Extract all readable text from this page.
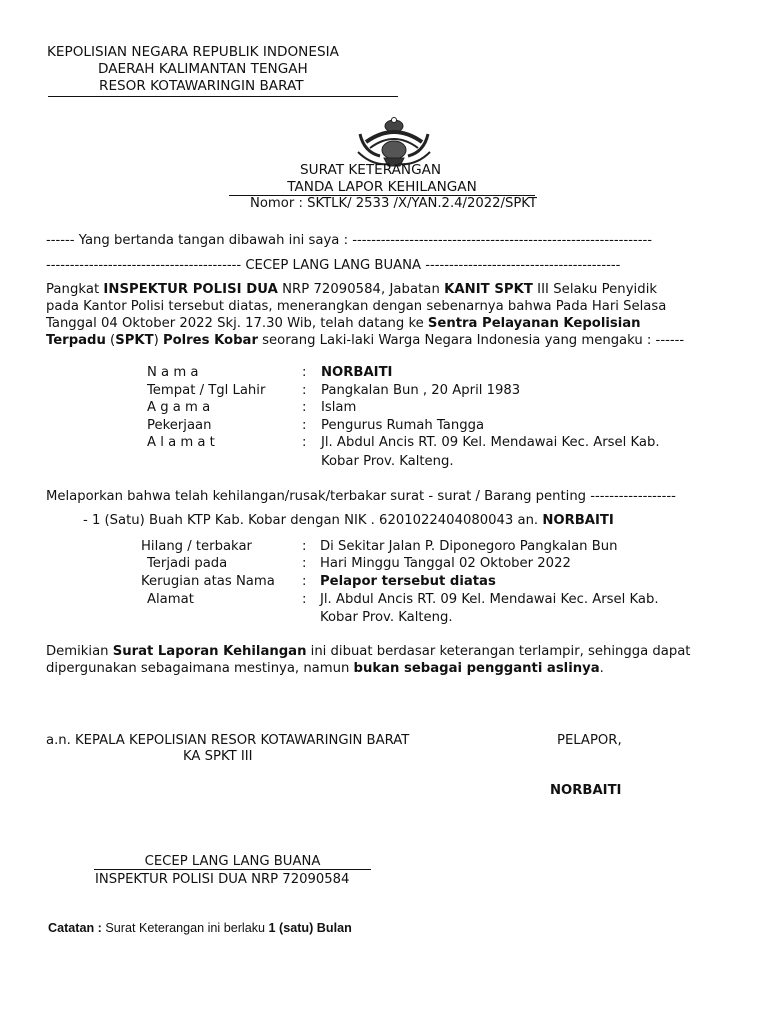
KEPOLISIAN NEGARA REPUBLIK INDONESIA
DAERAH KALIMANTAN TENGAH
RESOR KOTAWARINGIN BARAT
SURAT KETERANGAN
TANDA LAPOR KEHILANGAN
Nomor : SKTLK/ 2533 /X/YAN.2.4/2022/SPKT
------ Yang bertanda tangan dibawah ini saya : ---------------------------------------------------------------
----------------------------------------- CECEP LANG LANG BUANA -----------------------------------------
Pangkat INSPEKTUR POLISI DUA NRP 72090584, Jabatan KANIT SPKT III Selaku Penyidik
pada Kantor Polisi tersebut diatas, menerangkan dengan sebenarnya bahwa Pada Hari Selasa
Tanggal 04 Oktober 2022 Skj. 17.30 Wib, telah datang ke Sentra Pelayanan Kepolisian
Terpadu (SPKT) Polres Kobar seorang Laki-laki Warga Negara Indonesia yang mengaku : ------
N a m a	: NORBAITI
Tempat / Tgl Lahir	: Pangkalan Bun , 20 April 1983
A g a m a	: Islam
Pekerjaan	: Pengurus Rumah Tangga
A l a m a t	: Jl. Abdul Ancis RT. 09 Kel. Mendawai Kec. Arsel Kab.
Kobar Prov. Kalteng.
Melaporkan bahwa telah kehilangan/rusak/terbakar surat - surat / Barang penting ------------------
- 1 (Satu) Buah KTP Kab. Kobar dengan NIK . 6201022404080043 an. NORBAITI
Hilang / terbakar	: Di Sekitar Jalan P. Diponegoro Pangkalan Bun
Terjadi pada	: Hari Minggu Tanggal 02 Oktober 2022
Kerugian atas Nama : Pelapor tersebut diatas
Alamat	: Jl. Abdul Ancis RT. 09 Kel. Mendawai Kec. Arsel Kab.
Kobar Prov. Kalteng.
Demikian Surat Laporan Kehilangan ini dibuat berdasar keterangan terlampir, sehingga dapat
dipergunakan sebagaimana mestinya, namun bukan sebagai pengganti aslinya.
a.n. KEPALA KEPOLISIAN RESOR KOTAWARINGIN BARAT
KA SPKT III
PELAPOR,
NORBAITI
CECEP LANG LANG BUANA
INSPEKTUR POLISI DUA NRP 72090584
Catatan : Surat Keterangan ini berlaku 1 (satu) Bulan
